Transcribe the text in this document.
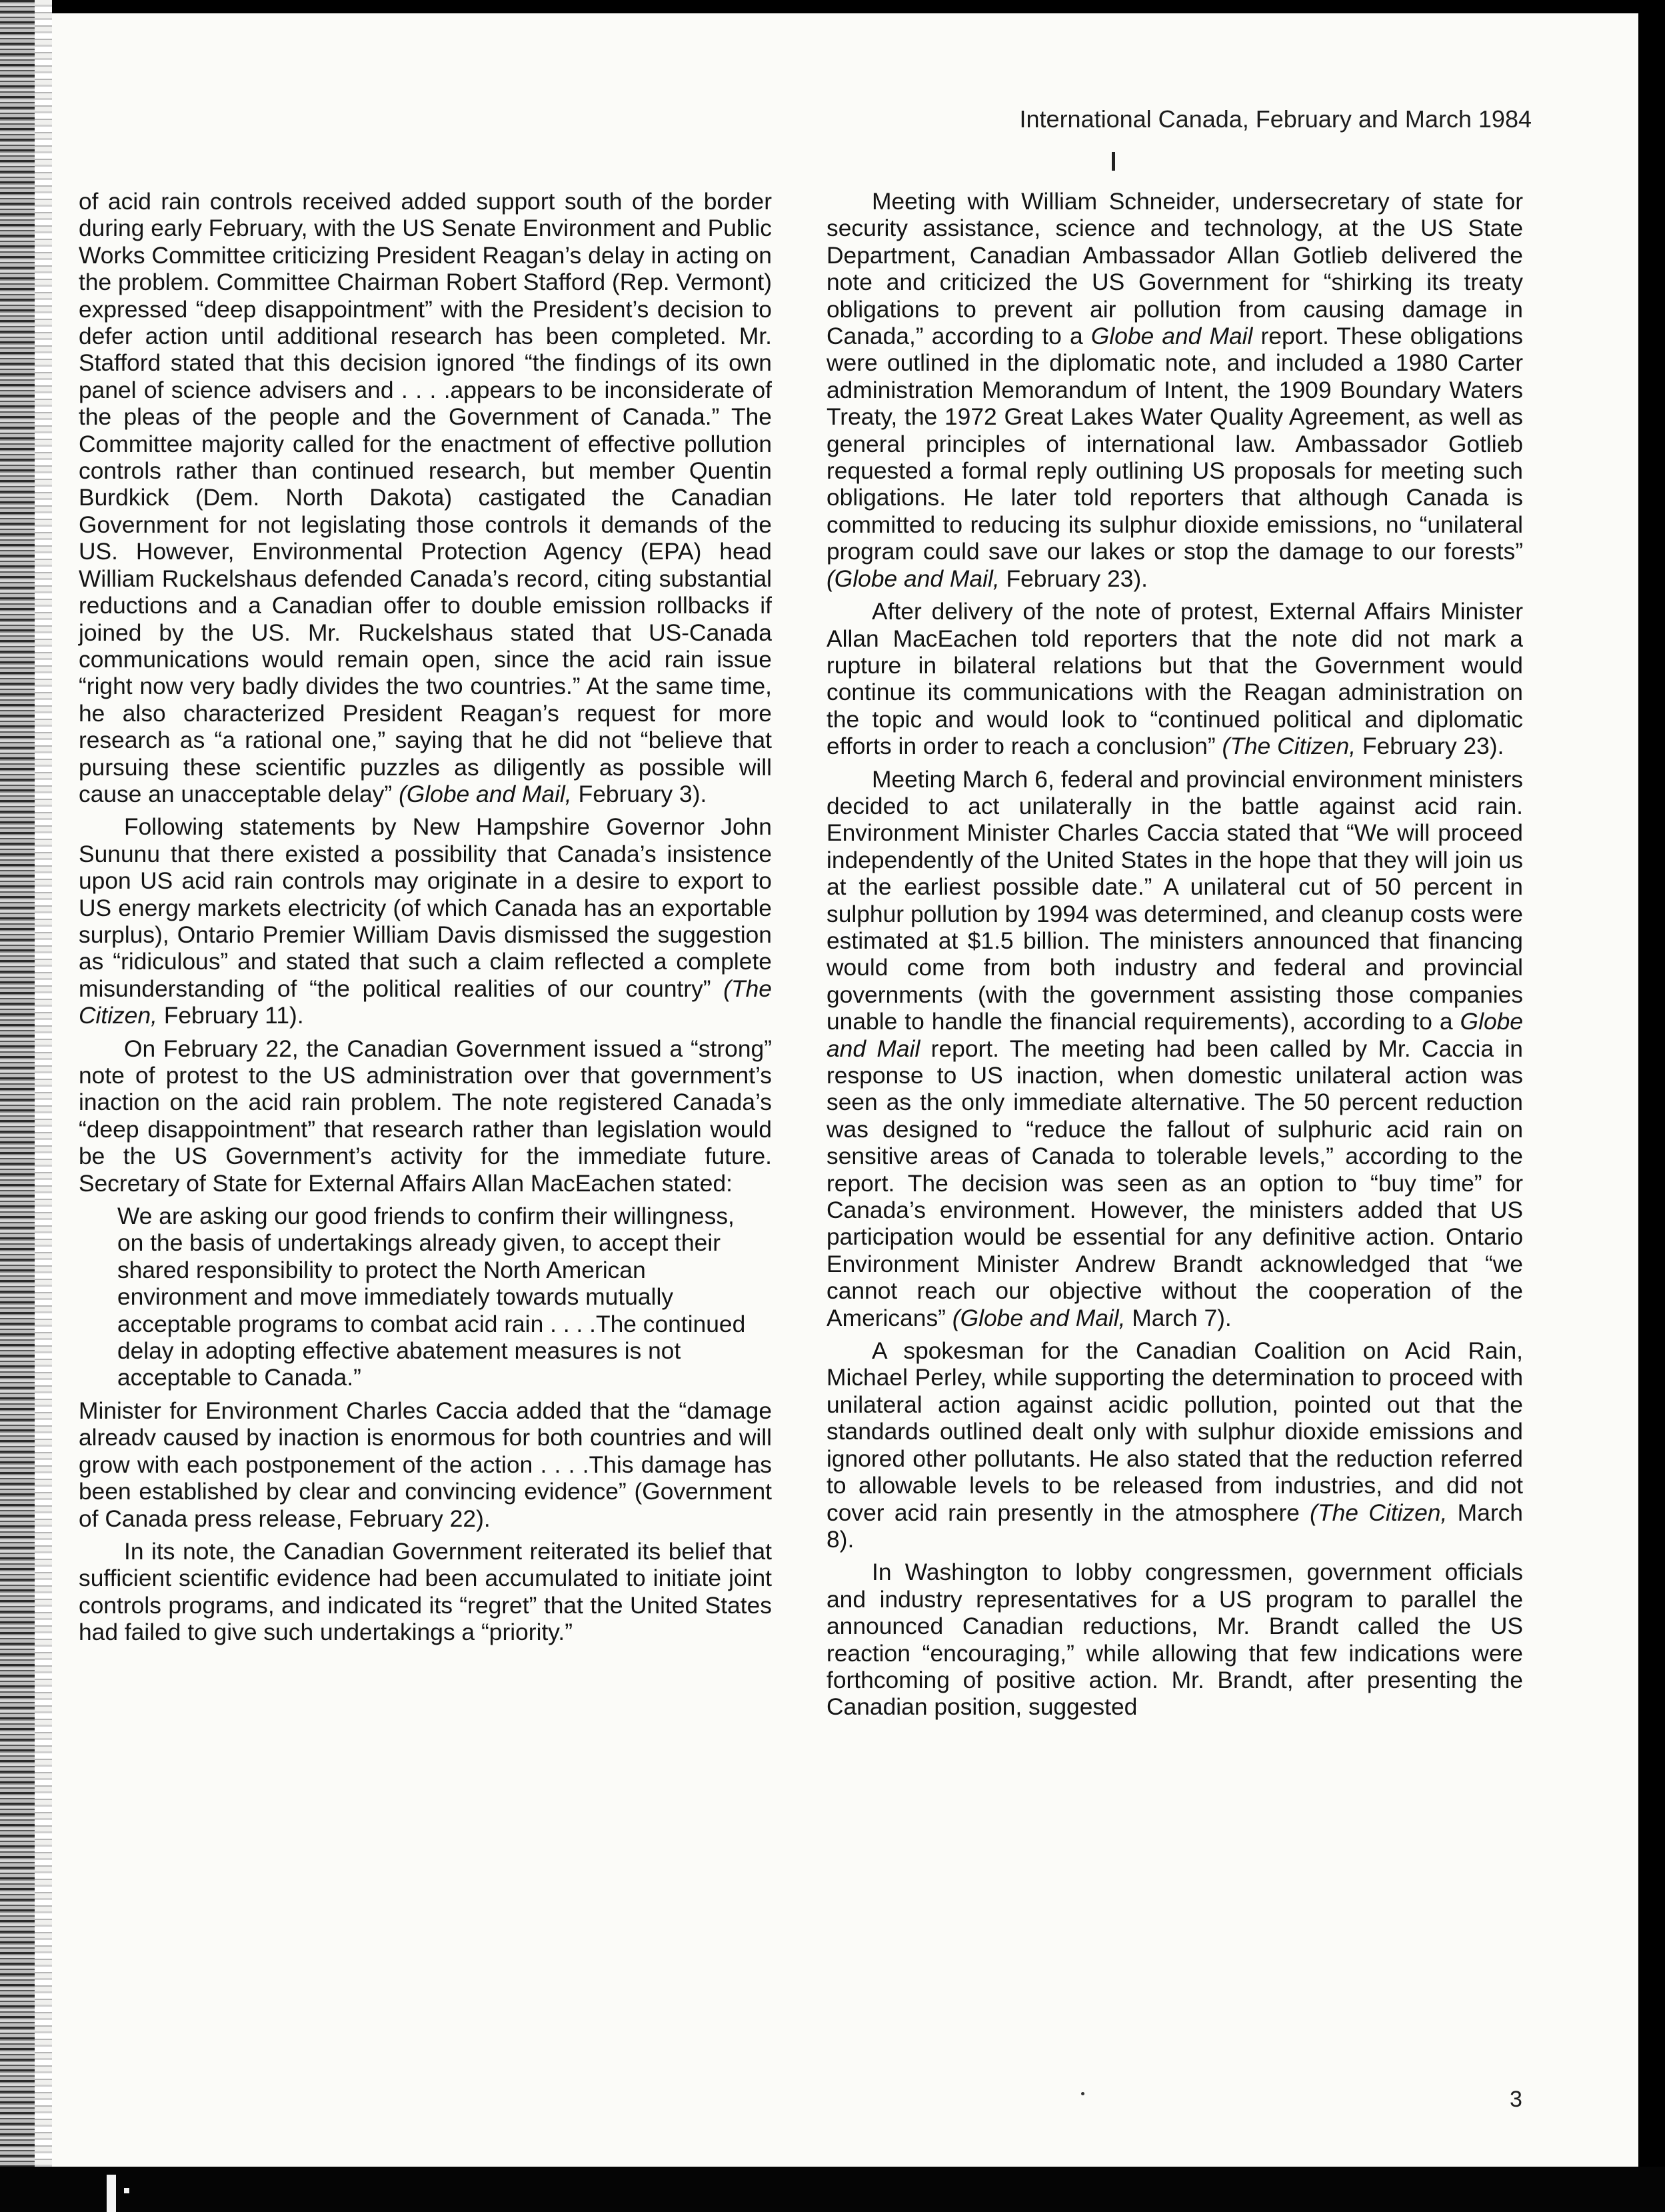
International Canada, February and March 1984

of acid rain controls received added support south of the border during early February, with the US Senate Environment and Public Works Committee criticizing President Reagan’s delay in acting on the problem. Committee Chairman Robert Stafford (Rep. Vermont) expressed “deep disappointment” with the President’s decision to defer action until additional research has been completed. Mr. Stafford stated that this decision ignored “the findings of its own panel of science advisers and . . . .appears to be inconsiderate of the pleas of the people and the Government of Canada.” The Committee majority called for the enactment of effective pollution controls rather than continued research, but member Quentin Burdkick (Dem. North Dakota) castigated the Canadian Government for not legislating those controls it demands of the US. However, Environmental Protection Agency (EPA) head William Ruckelshaus defended Canada’s record, citing substantial reductions and a Canadian offer to double emission rollbacks if joined by the US. Mr. Ruckelshaus stated that US-Canada communications would remain open, since the acid rain issue “right now very badly divides the two countries.” At the same time, he also characterized President Reagan’s request for more research as “a rational one,” saying that he did not “believe that pursuing these scientific puzzles as diligently as possible will cause an unacceptable delay” (Globe and Mail, February 3).

Following statements by New Hampshire Governor John Sununu that there existed a possibility that Canada’s insistence upon US acid rain controls may originate in a desire to export to US energy markets electricity (of which Canada has an exportable surplus), Ontario Premier William Davis dismissed the suggestion as “ridiculous” and stated that such a claim reflected a complete misunderstanding of “the political realities of our country” (The Citizen, February 11).

On February 22, the Canadian Government issued a “strong” note of protest to the US administration over that government’s inaction on the acid rain problem. The note registered Canada’s “deep disappointment” that research rather than legislation would be the US Government’s activity for the immediate future. Secretary of State for External Affairs Allan MacEachen stated:

We are asking our good friends to confirm their willingness, on the basis of undertakings already given, to accept their shared responsibility to protect the North American environment and move immediately towards mutually acceptable programs to combat acid rain . . . .The continued delay in adopting effective abatement measures is not acceptable to Canada.”

Minister for Environment Charles Caccia added that the “damage alreadv caused by inaction is enormous for both countries and will grow with each postponement of the action . . . .This damage has been established by clear and convincing evidence” (Government of Canada press release, February 22).

In its note, the Canadian Government reiterated its belief that sufficient scientific evidence had been accumulated to initiate joint controls programs, and indicated its “regret” that the United States had failed to give such undertakings a “priority.”

Meeting with William Schneider, undersecretary of state for security assistance, science and technology, at the US State Department, Canadian Ambassador Allan Gotlieb delivered the note and criticized the US Government for “shirking its treaty obligations to prevent air pollution from causing damage in Canada,” according to a Globe and Mail report. These obligations were outlined in the diplomatic note, and included a 1980 Carter administration Memorandum of Intent, the 1909 Boundary Waters Treaty, the 1972 Great Lakes Water Quality Agreement, as well as general principles of international law. Ambassador Gotlieb requested a formal reply outlining US proposals for meeting such obligations. He later told reporters that although Canada is committed to reducing its sulphur dioxide emissions, no “unilateral program could save our lakes or stop the damage to our forests” (Globe and Mail, February 23).

After delivery of the note of protest, External Affairs Minister Allan MacEachen told reporters that the note did not mark a rupture in bilateral relations but that the Government would continue its communications with the Reagan administration on the topic and would look to “continued political and diplomatic efforts in order to reach a conclusion” (The Citizen, February 23).

Meeting March 6, federal and provincial environment ministers decided to act unilaterally in the battle against acid rain. Environment Minister Charles Caccia stated that “We will proceed independently of the United States in the hope that they will join us at the earliest possible date.” A unilateral cut of 50 percent in sulphur pollution by 1994 was determined, and cleanup costs were estimated at $1.5 billion. The ministers announced that financing would come from both industry and federal and provincial governments (with the government assisting those companies unable to handle the financial requirements), according to a Globe and Mail report. The meeting had been called by Mr. Caccia in response to US inaction, when domestic unilateral action was seen as the only immediate alternative. The 50 percent reduction was designed to “reduce the fallout of sulphuric acid rain on sensitive areas of Canada to tolerable levels,” according to the report. The decision was seen as an option to “buy time” for Canada’s environment. However, the ministers added that US participation would be essential for any definitive action. Ontario Environment Minister Andrew Brandt acknowledged that “we cannot reach our objective without the cooperation of the Americans” (Globe and Mail, March 7).

A spokesman for the Canadian Coalition on Acid Rain, Michael Perley, while supporting the determination to proceed with unilateral action against acidic pollution, pointed out that the standards outlined dealt only with sulphur dioxide emissions and ignored other pollutants. He also stated that the reduction referred to allowable levels to be released from industries, and did not cover acid rain presently in the atmosphere (The Citizen, March 8).

In Washington to lobby congressmen, government officials and industry representatives for a US program to parallel the announced Canadian reductions, Mr. Brandt called the US reaction “encouraging,” while allowing that few indications were forthcoming of positive action. Mr. Brandt, after presenting the Canadian position, suggested

3
